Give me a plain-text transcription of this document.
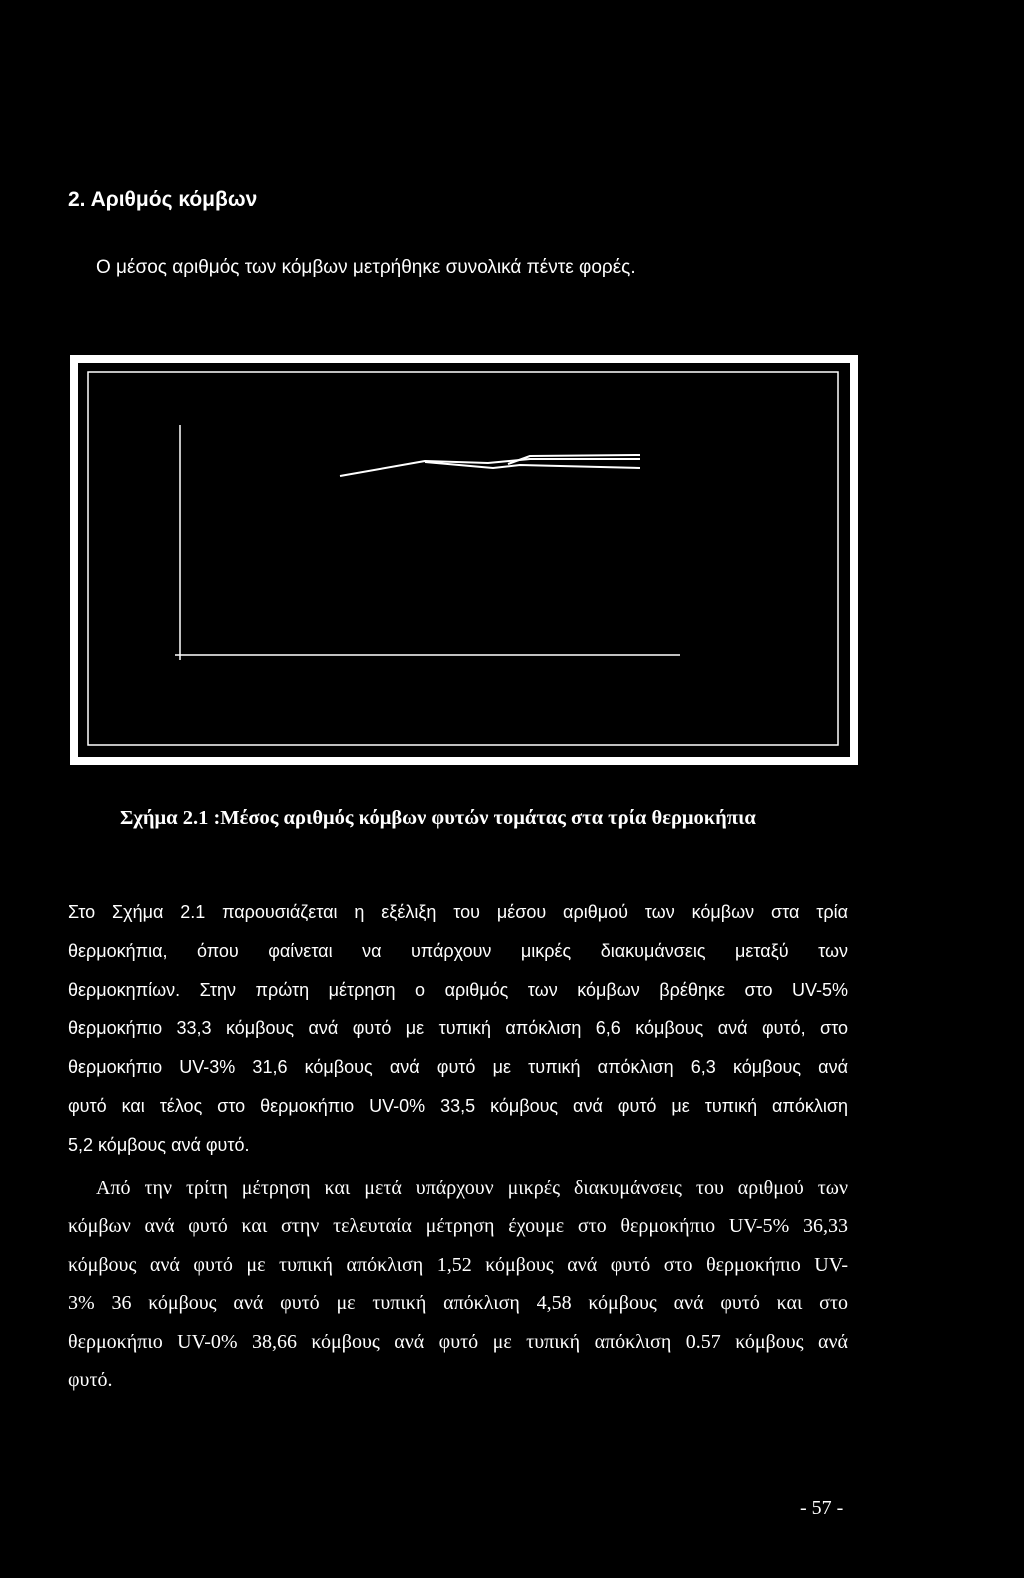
2. Αριθμός κόμβων
Ο μέσος αριθμός των κόμβων μετρήθηκε συνολικά πέντε φορές.
Σχήμα 2.1 :Μέσος αριθμός κόμβων φυτών τομάτας στα τρία θερμοκήπια
Στο Σχήμα 2.1 παρουσιάζεται η εξέλιξη του μέσου αριθμού των κόμβων στα τρία
θερμοκήπια, όπου φαίνεται να υπάρχουν μικρές διακυμάνσεις μεταξύ των
θερμοκηπίων. Στην πρώτη μέτρηση ο αριθμός των κόμβων βρέθηκε στο UV-5%
θερμοκήπιο 33,3 κόμβους ανά φυτό με τυπική απόκλιση 6,6 κόμβους ανά φυτό, στο
θερμοκήπιο UV-3% 31,6 κόμβους ανά φυτό με τυπική απόκλιση 6,3 κόμβους ανά
φυτό και τέλος στο θερμοκήπιο UV-0% 33,5 κόμβους ανά φυτό με τυπική απόκλιση
5,2 κόμβους ανά φυτό.
Από την τρίτη μέτρηση και μετά υπάρχουν μικρές διακυμάνσεις του αριθμού των
κόμβων ανά φυτό και στην τελευταία μέτρηση έχουμε στο θερμοκήπιο UV-5% 36,33
κόμβους ανά φυτό με τυπική απόκλιση 1,52 κόμβους ανά φυτό στο θερμοκήπιο UV-
3% 36 κόμβους ανά φυτό με τυπική απόκλιση 4,58 κόμβους ανά φυτό και στο
θερμοκήπιο UV-0% 38,66 κόμβους ανά φυτό με τυπική απόκλιση 0.57 κόμβους ανά
φυτό.
- 57 -
